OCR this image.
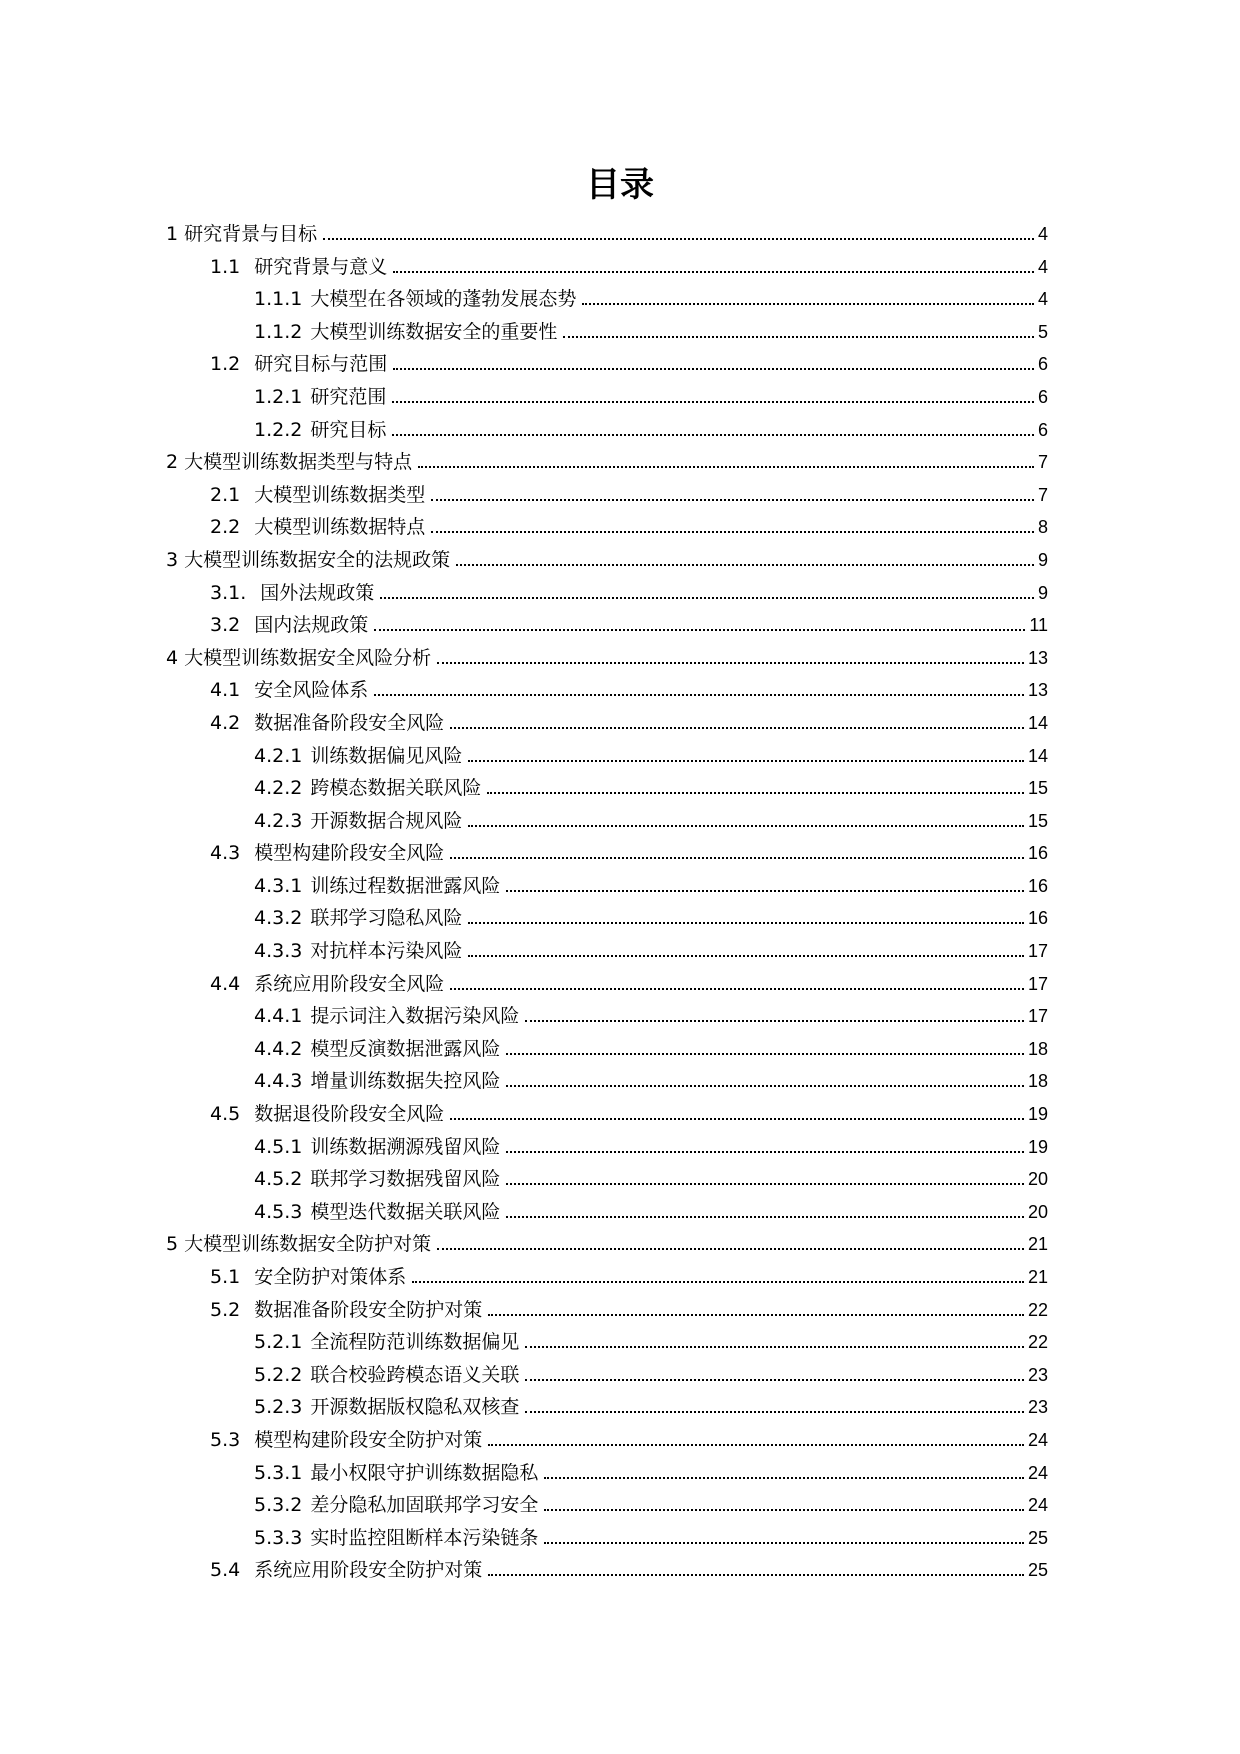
目录
1 研究背景与目标	4
1.1 研究背景与意义	4
1.1.1 大模型在各领域的蓬勃发展态势	4
1.1.2 大模型训练数据安全的重要性	5
1.2 研究目标与范围	6
1.2.1 研究范围	6
1.2.2 研究目标	6
2 大模型训练数据类型与特点	7
2.1 大模型训练数据类型	7
2.2 大模型训练数据特点	8
3 大模型训练数据安全的法规政策	9
3.1. 国外法规政策	9
3.2 国内法规政策	11
4 大模型训练数据安全风险分析	13
4.1 安全风险体系	13
4.2 数据准备阶段安全风险	14
4.2.1 训练数据偏见风险	14
4.2.2 跨模态数据关联风险	15
4.2.3 开源数据合规风险	15
4.3 模型构建阶段安全风险	16
4.3.1 训练过程数据泄露风险	16
4.3.2 联邦学习隐私风险	16
4.3.3 对抗样本污染风险	17
4.4 系统应用阶段安全风险	17
4.4.1 提示词注入数据污染风险	17
4.4.2 模型反演数据泄露风险	18
4.4.3 增量训练数据失控风险	18
4.5 数据退役阶段安全风险	19
4.5.1 训练数据溯源残留风险	19
4.5.2 联邦学习数据残留风险	20
4.5.3 模型迭代数据关联风险	20
5 大模型训练数据安全防护对策	21
5.1 安全防护对策体系	21
5.2 数据准备阶段安全防护对策	22
5.2.1 全流程防范训练数据偏见	22
5.2.2 联合校验跨模态语义关联	23
5.2.3 开源数据版权隐私双核查	23
5.3 模型构建阶段安全防护对策	24
5.3.1 最小权限守护训练数据隐私	24
5.3.2 差分隐私加固联邦学习安全	24
5.3.3 实时监控阻断样本污染链条	25
5.4 系统应用阶段安全防护对策	25
